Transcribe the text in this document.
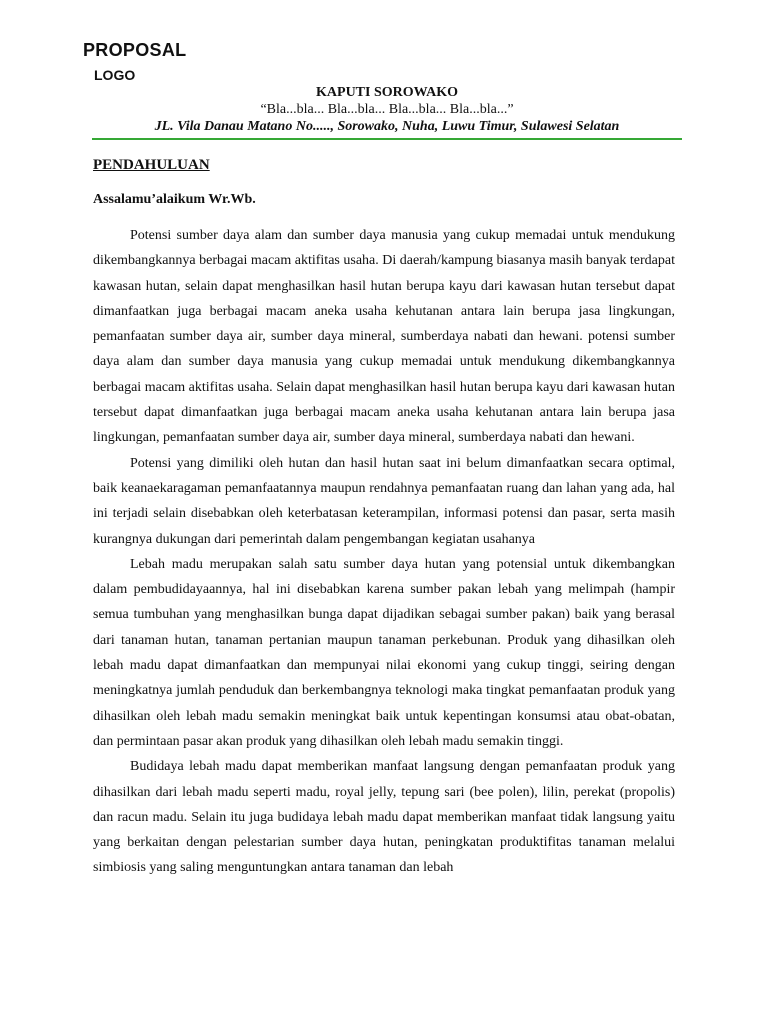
PROPOSAL
LOGO
KAPUTI SOROWAKO
“Bla...bla... Bla...bla... Bla...bla... Bla...bla...”
JL. Vila Danau Matano No....., Sorowako, Nuha, Luwu Timur, Sulawesi Selatan
PENDAHULUAN
Assalamu’alaikum Wr.Wb.

Potensi sumber daya alam dan sumber daya manusia yang cukup memadai untuk mendukung dikembangkannya berbagai macam aktifitas usaha. Di daerah/kampung biasanya masih banyak terdapat kawasan hutan, selain dapat menghasilkan hasil hutan berupa kayu dari kawasan hutan tersebut dapat dimanfaatkan juga berbagai macam aneka usaha kehutanan antara lain berupa jasa lingkungan, pemanfaatan sumber daya air, sumber daya mineral, sumberdaya nabati dan hewani. potensi sumber daya alam dan sumber daya manusia yang cukup memadai untuk mendukung dikembangkannya berbagai macam aktifitas usaha. Selain dapat menghasilkan hasil hutan berupa kayu dari kawasan hutan tersebut dapat dimanfaatkan juga berbagai macam aneka usaha kehutanan antara lain berupa jasa lingkungan, pemanfaatan sumber daya air, sumber daya mineral, sumberdaya nabati dan hewani.

Potensi yang dimiliki oleh hutan dan hasil hutan saat ini belum dimanfaatkan secara optimal, baik keanaekaragaman pemanfaatannya maupun rendahnya pemanfaatan ruang dan lahan yang ada, hal ini terjadi selain disebabkan oleh keterbatasan keterampilan, informasi potensi dan pasar, serta masih kurangnya dukungan dari pemerintah dalam pengembangan kegiatan usahanya

Lebah madu merupakan salah satu sumber daya hutan yang potensial untuk dikembangkan dalam pembudidayaannya, hal ini disebabkan karena sumber pakan lebah yang melimpah (hampir semua tumbuhan yang menghasilkan bunga dapat dijadikan sebagai sumber pakan) baik yang berasal dari tanaman hutan, tanaman pertanian maupun tanaman perkebunan. Produk yang dihasilkan oleh lebah madu dapat dimanfaatkan dan mempunyai nilai ekonomi yang cukup tinggi, seiring dengan meningkatnya jumlah penduduk dan berkembangnya teknologi maka tingkat pemanfaatan produk yang dihasilkan oleh lebah madu semakin meningkat baik untuk kepentingan konsumsi atau obat-obatan, dan permintaan pasar akan produk yang dihasilkan oleh lebah madu semakin tinggi.

Budidaya lebah madu dapat memberikan manfaat langsung dengan pemanfaatan produk yang dihasilkan dari lebah madu seperti madu, royal jelly, tepung sari (bee polen), lilin, perekat (propolis) dan racun madu. Selain itu juga budidaya lebah madu dapat memberikan manfaat tidak langsung yaitu yang berkaitan dengan pelestarian sumber daya hutan, peningkatan produktifitas tanaman melalui simbiosis yang saling menguntungkan antara tanaman dan lebah
